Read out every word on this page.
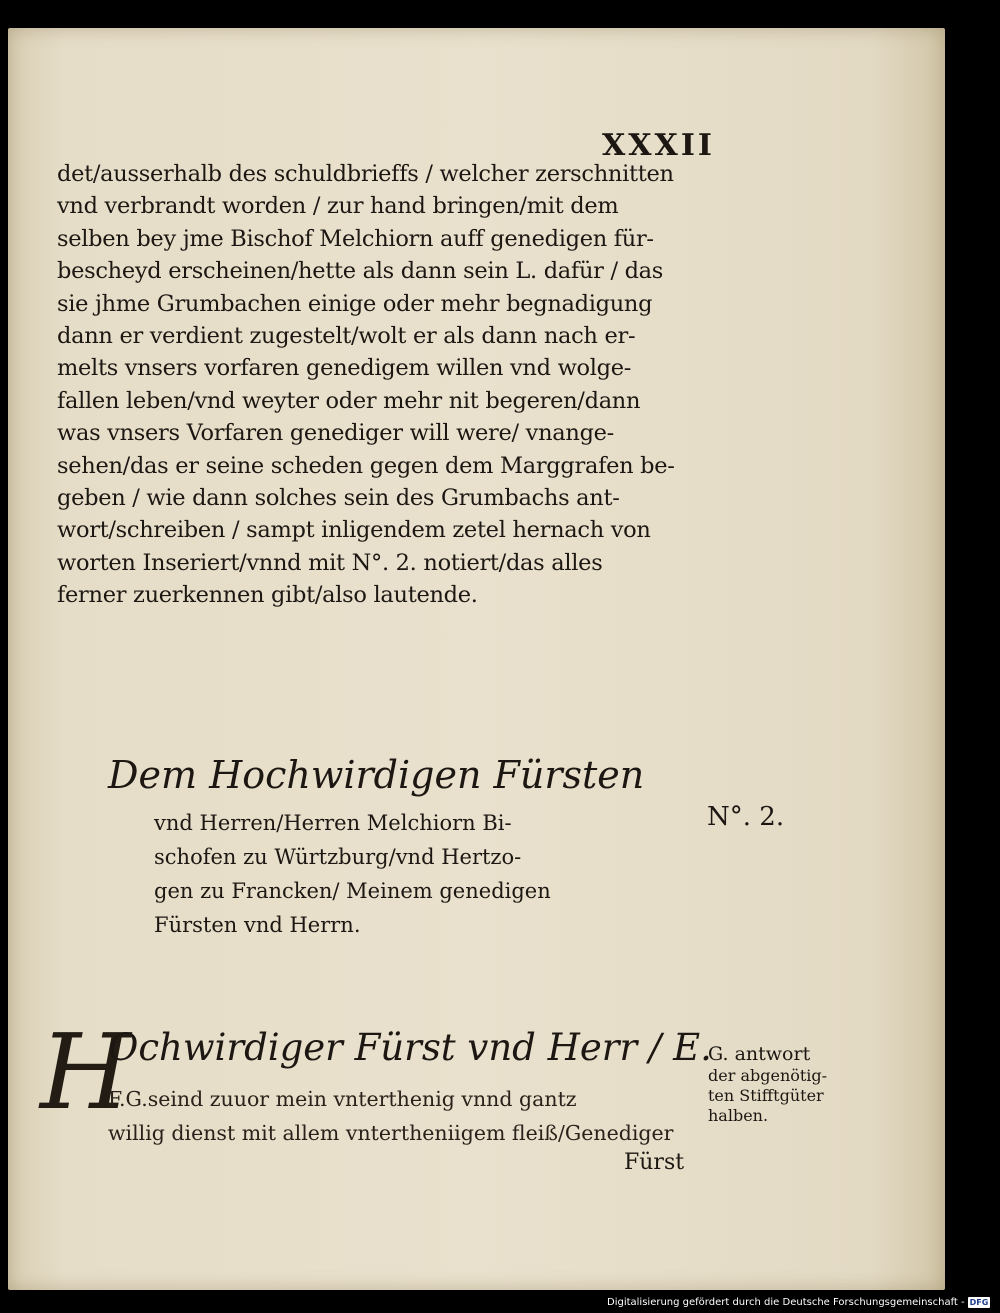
XXXII
det/ausserhalb des schuldbrieffs / welcher zerschnitten
vnd verbrandt worden / zur hand bringen/mit dem
selben bey jme Bischof Melchiorn auff genedigen für-
bescheyd erscheinen/hette als dann sein L. dafür / das
sie jhme Grumbachen einige oder mehr begnadigung
dann er verdient zugestelt/wolt er als dann nach er-
melts vnsers vorfaren genedigem willen vnd wolge-
fallen leben/vnd weyter oder mehr nit begeren/dann
was vnsers Vorfaren genediger will were/ vnange-
sehen/das er seine scheden gegen dem Marggrafen be-
geben / wie dann solches sein des Grumbachs ant-
wort/schreiben / sampt inligendem zetel hernach von
worten Inseriert/vnnd mit N°. 2. notiert/das alles
ferner zuerkennen gibt/also lautende.
Dem Hochwirdigen Fürsten
vnd Herren/Herren Melchiorn Bi-
schofen zu Würtzburg/vnd Hertzo-
gen zu Francken/ Meinem genedigen
Fürsten vnd Herrn.
N°. 2.
H
Ochwirdiger Fürst vnd Herr / E.
F.G.seind zuuor mein vnterthenig vnnd gantz
willig dienst mit allem vntertheniigem fleiß/Genediger
Fürst
G. antwort
der abgenötig-
ten Stifftgüter
halben.
Digitalisierung gefördert durch die Deutsche Forschungsgemeinschaft - DFG
